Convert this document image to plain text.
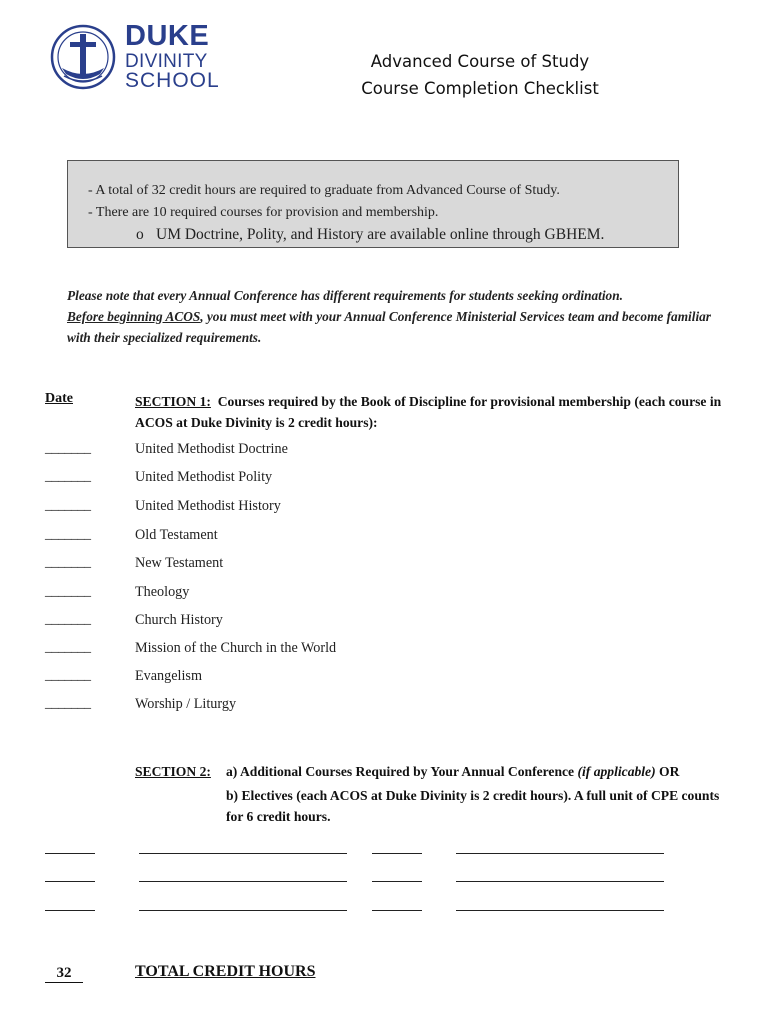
DUKE
DIVINITY
SCHOOL
Advanced Course of Study
Course Completion Checklist
- A total of 32 credit hours are required to graduate from Advanced Course of Study.
- There are 10 required courses for provision and membership.
o UM Doctrine, Polity, and History are available online through GBHEM.
Please note that every Annual Conference has different requirements for students seeking ordination.
Before beginning ACOS, you must meet with your Annual Conference Ministerial Services team and become familiar with their specialized requirements.
Date	SECTION 1: Courses required by the Book of Discipline for provisional membership (each course in ACOS at Duke Divinity is 2 credit hours):
_______	United Methodist Doctrine
_______	United Methodist Polity
_______	United Methodist History
_______	Old Testament
_______	New Testament
_______	Theology
_______	Church History
_______	Mission of the Church in the World
_______	Evangelism
_______	Worship / Liturgy
SECTION 2: a) Additional Courses Required by Your Annual Conference (if applicable) OR
b) Electives (each ACOS at Duke Divinity is 2 credit hours). A full unit of CPE counts for 6 credit hours.
32	TOTAL CREDIT HOURS
